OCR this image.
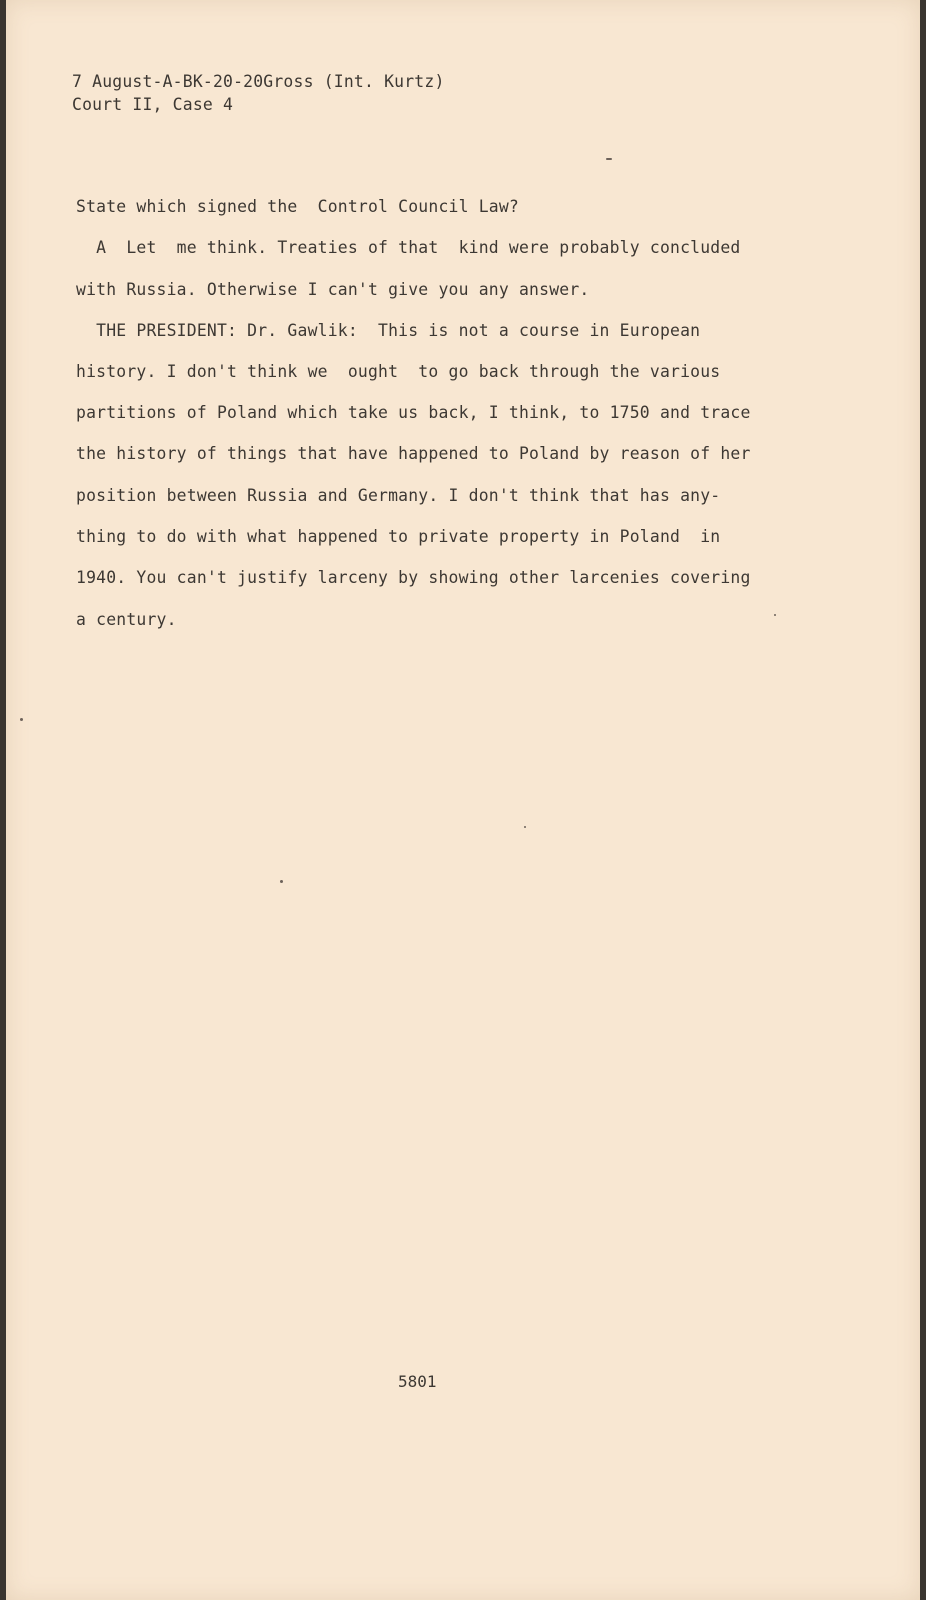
7 August-A-BK-20-20Gross (Int. Kurtz)
Court II, Case 4
State which signed the  Control Council Law?
A  Let  me think. Treaties of that  kind were probably concluded
with Russia. Otherwise I can't give you any answer.
THE PRESIDENT: Dr. Gawlik:  This is not a course in European
history. I don't think we  ought  to go back through the various
partitions of Poland which take us back, I think, to 1750 and trace
the history of things that have happened to Poland by reason of her
position between Russia and Germany. I don't think that has any-
thing to do with what happened to private property in Poland  in
1940. You can't justify larceny by showing other larcenies covering
a century.
5801
